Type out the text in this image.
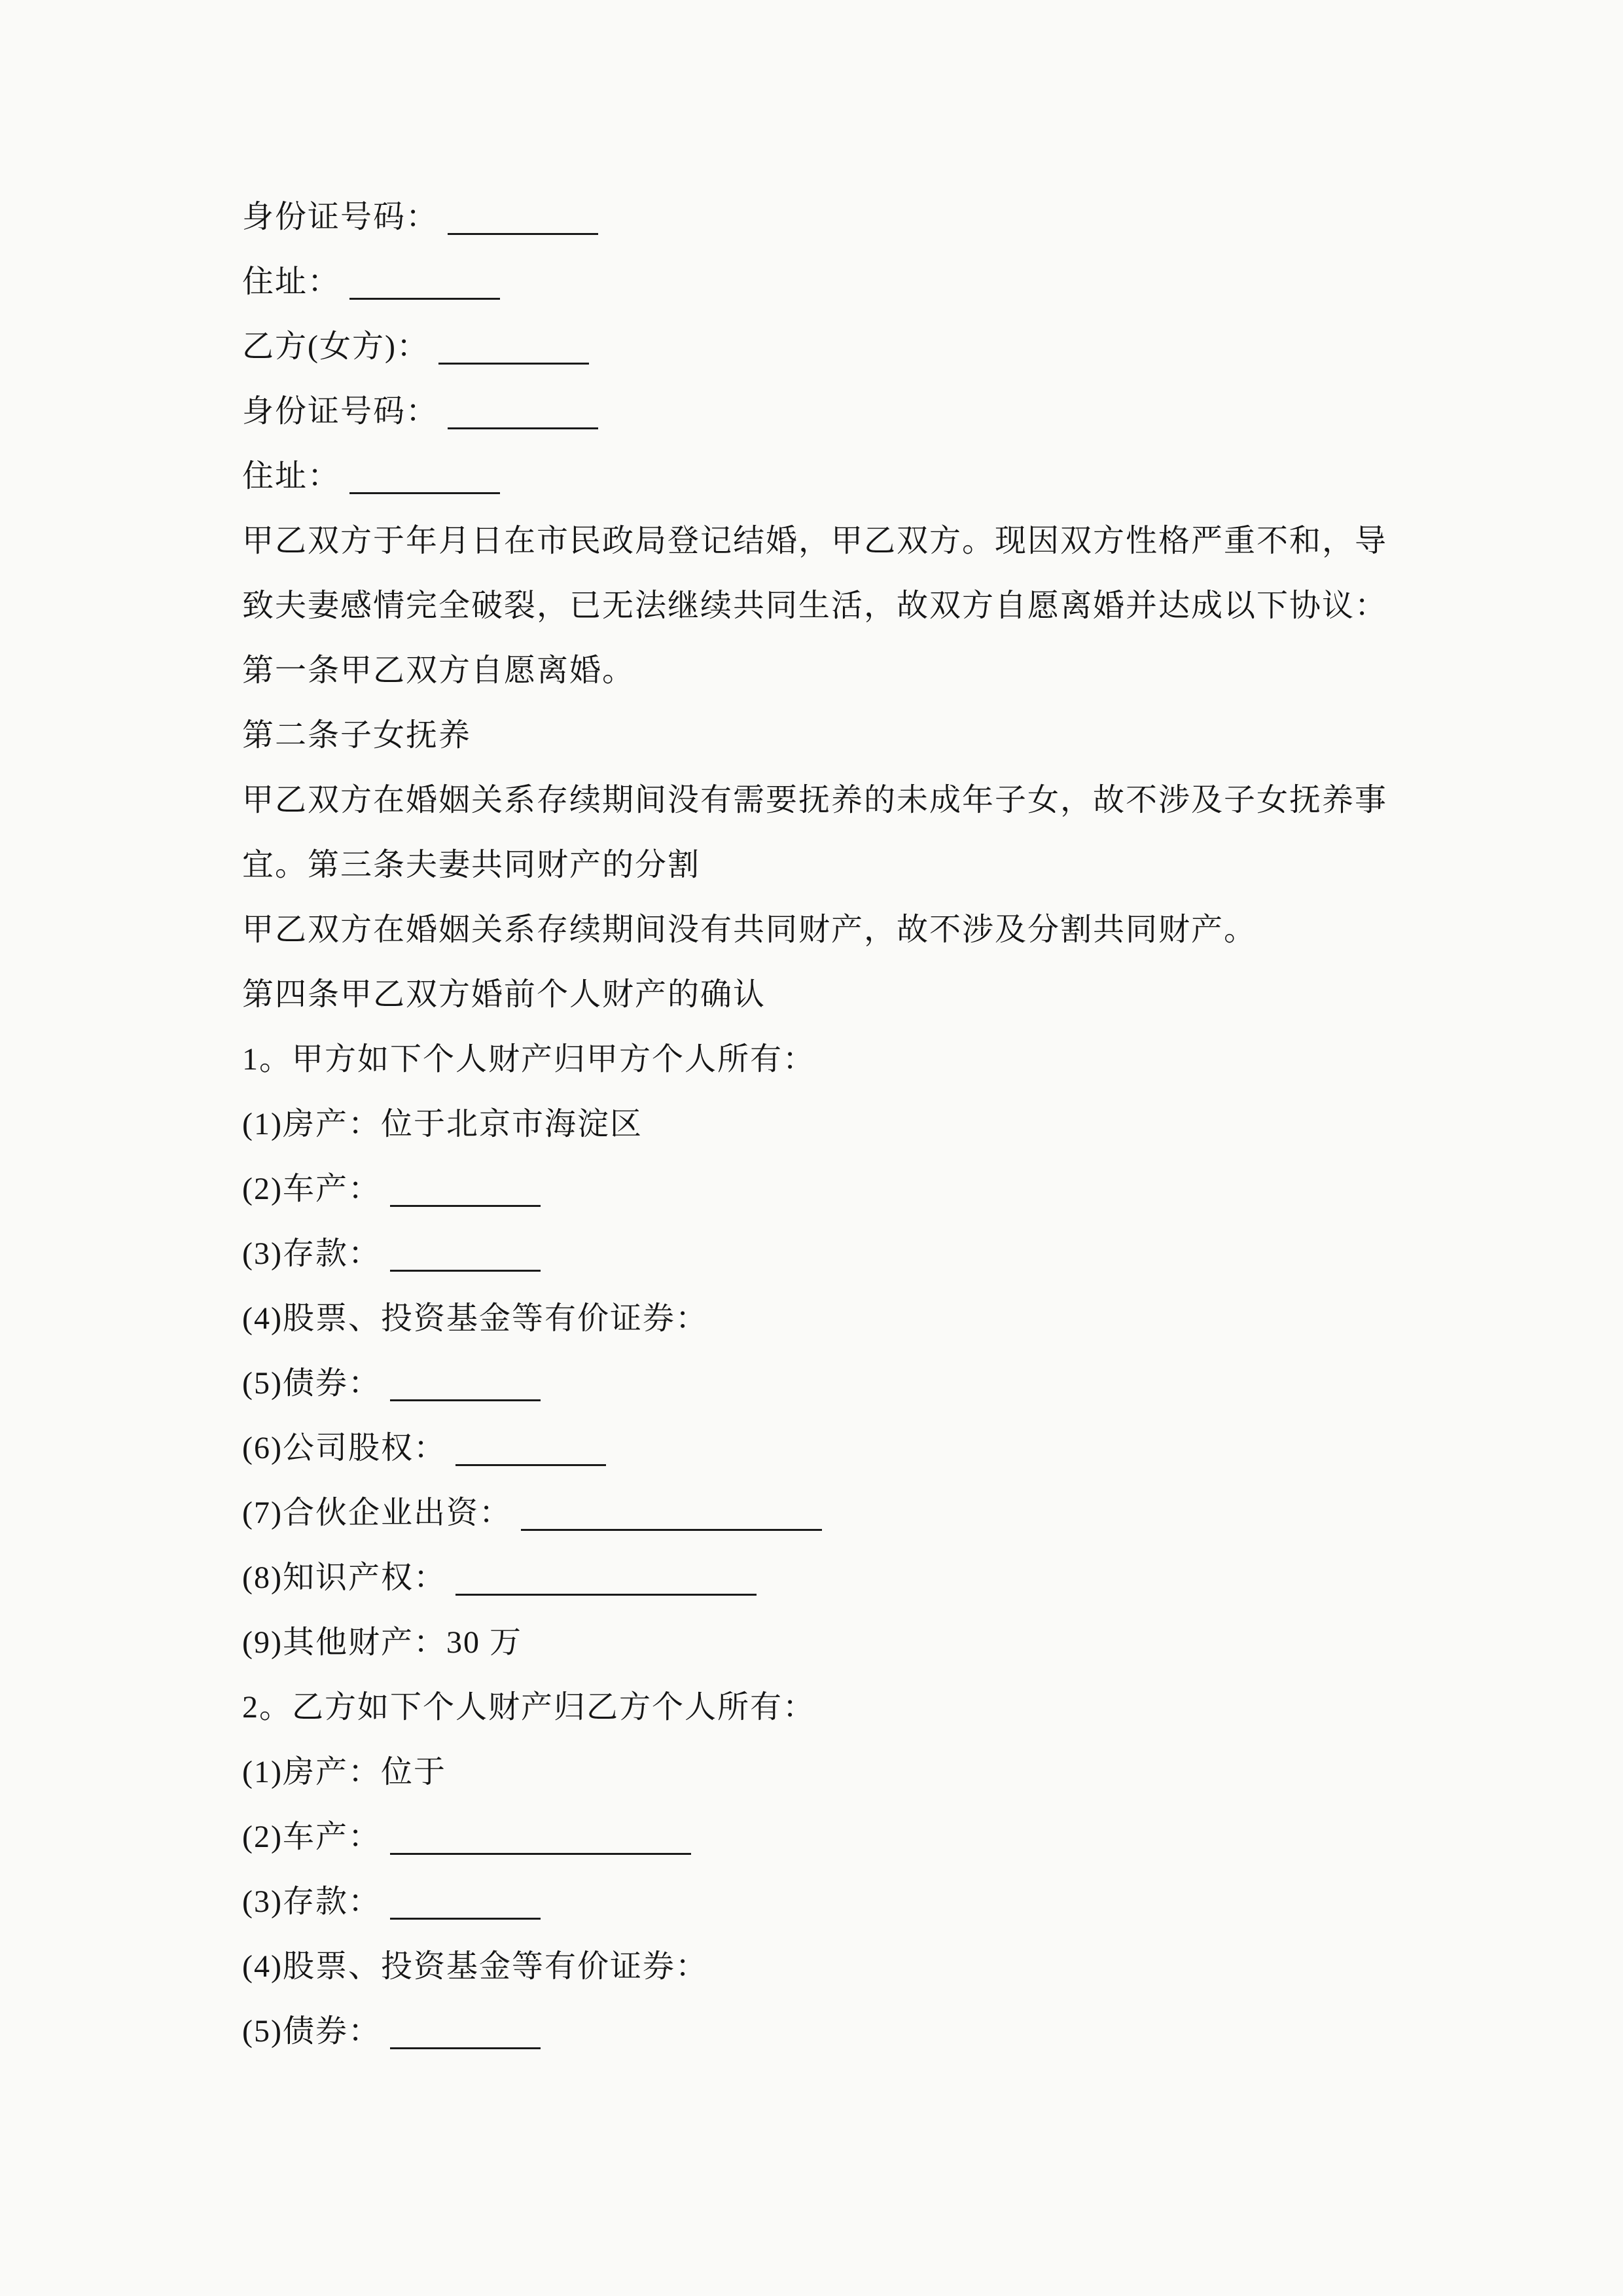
身份证号码：
住址：
乙方(女方)：
身份证号码：
住址：
甲乙双方于年月日在市民政局登记结婚，甲乙双方。现因双方性格严重不和，导
致夫妻感情完全破裂，已无法继续共同生活，故双方自愿离婚并达成以下协议：
第一条甲乙双方自愿离婚。
第二条子女抚养
甲乙双方在婚姻关系存续期间没有需要抚养的未成年子女，故不涉及子女抚养事
宜。第三条夫妻共同财产的分割
甲乙双方在婚姻关系存续期间没有共同财产，故不涉及分割共同财产。
第四条甲乙双方婚前个人财产的确认
1。甲方如下个人财产归甲方个人所有：
(1)房产：位于北京市海淀区
(2)车产：
(3)存款：
(4)股票、投资基金等有价证券：
(5)债券：
(6)公司股权：
(7)合伙企业出资：
(8)知识产权：
(9)其他财产：30 万
2。乙方如下个人财产归乙方个人所有：
(1)房产：位于
(2)车产：
(3)存款：
(4)股票、投资基金等有价证券：
(5)债券：
